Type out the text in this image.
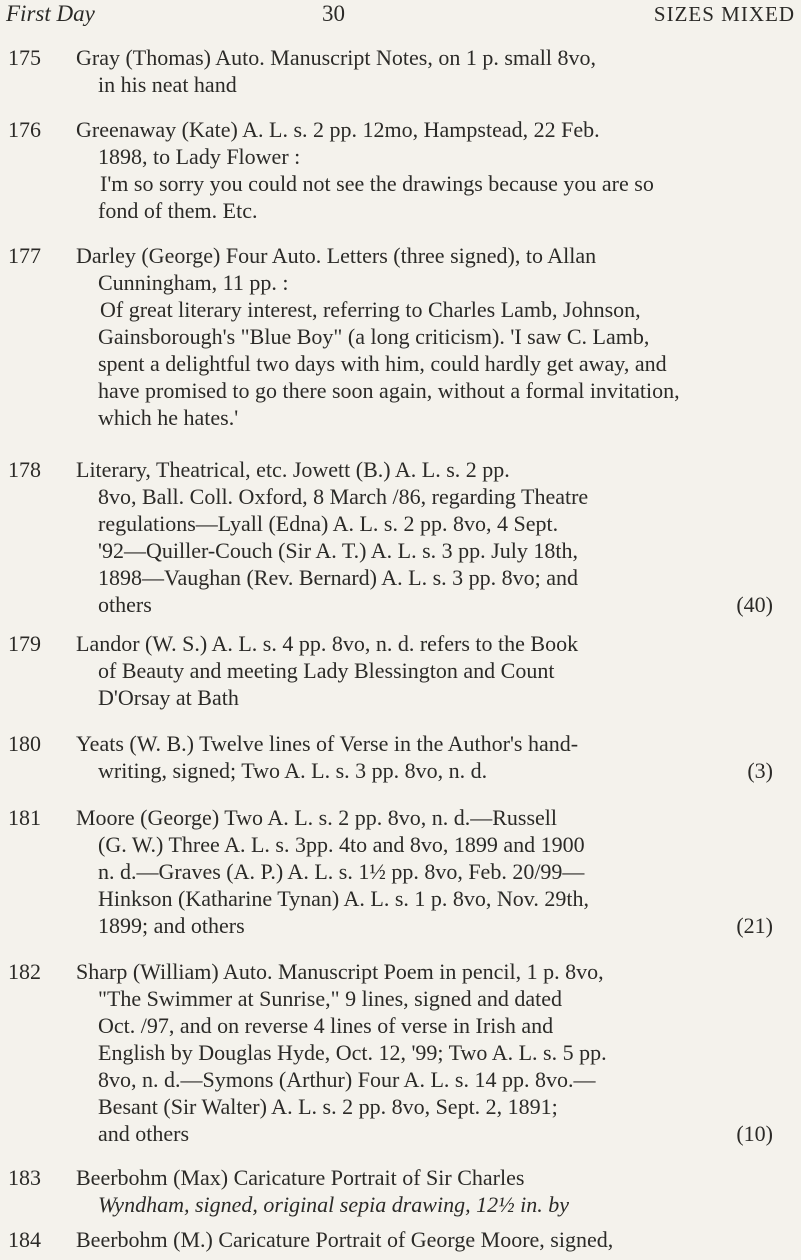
First Day	30	SIZES MIXED
175	Gray (Thomas) Auto. Manuscript Notes, on 1 p. small 8vo,
in his neat hand
176	Greenaway (Kate) A. L. s. 2 pp. 12mo, Hampstead, 22 Feb.
1898, to Lady Flower :
I'm so sorry you could not see the drawings because you are so
fond of them. Etc.
177	Darley (George) Four Auto. Letters (three signed), to Allan
Cunningham, 11 pp. :
Of great literary interest, referring to Charles Lamb, Johnson,
Gainsborough's "Blue Boy" (a long criticism). 'I saw C. Lamb,
spent a delightful two days with him, could hardly get away, and
have promised to go there soon again, without a formal invitation,
which he hates.'
178	Literary, Theatrical, etc. Jowett (B.) A. L. s. 2 pp.
8vo, Ball. Coll. Oxford, 8 March /86, regarding Theatre
regulations—Lyall (Edna) A. L. s. 2 pp. 8vo, 4 Sept.
'92—Quiller-Couch (Sir A. T.) A. L. s. 3 pp. July 18th,
1898—Vaughan (Rev. Bernard) A. L. s. 3 pp. 8vo; and
others	(40)
179	Landor (W. S.) A. L. s. 4 pp. 8vo, n. d. refers to the Book
of Beauty and meeting Lady Blessington and Count
D'Orsay at Bath
180	Yeats (W. B.) Twelve lines of Verse in the Author's hand-
writing, signed; Two A. L. s. 3 pp. 8vo, n. d.	(3)
181	Moore (George) Two A. L. s. 2 pp. 8vo, n. d.—Russell
(G. W.) Three A. L. s. 3pp. 4to and 8vo, 1899 and 1900
n. d.—Graves (A. P.) A. L. s. 1½ pp. 8vo, Feb. 20/99—
Hinkson (Katharine Tynan) A. L. s. 1 p. 8vo, Nov. 29th,
1899; and others	(21)
182	Sharp (William) Auto. Manuscript Poem in pencil, 1 p. 8vo,
"The Swimmer at Sunrise," 9 lines, signed and dated
Oct. /97, and on reverse 4 lines of verse in Irish and
English by Douglas Hyde, Oct. 12, '99; Two A. L. s. 5 pp.
8vo, n. d.—Symons (Arthur) Four A. L. s. 14 pp. 8vo.—
Besant (Sir Walter) A. L. s. 2 pp. 8vo, Sept. 2, 1891;
and others	(10)
183	Beerbohm (Max) Caricature Portrait of Sir Charles
Wyndham, signed, original sepia drawing, 12½ in. by
184	Beerbohm (M.) Caricature Portrait of George Moore, signed,
